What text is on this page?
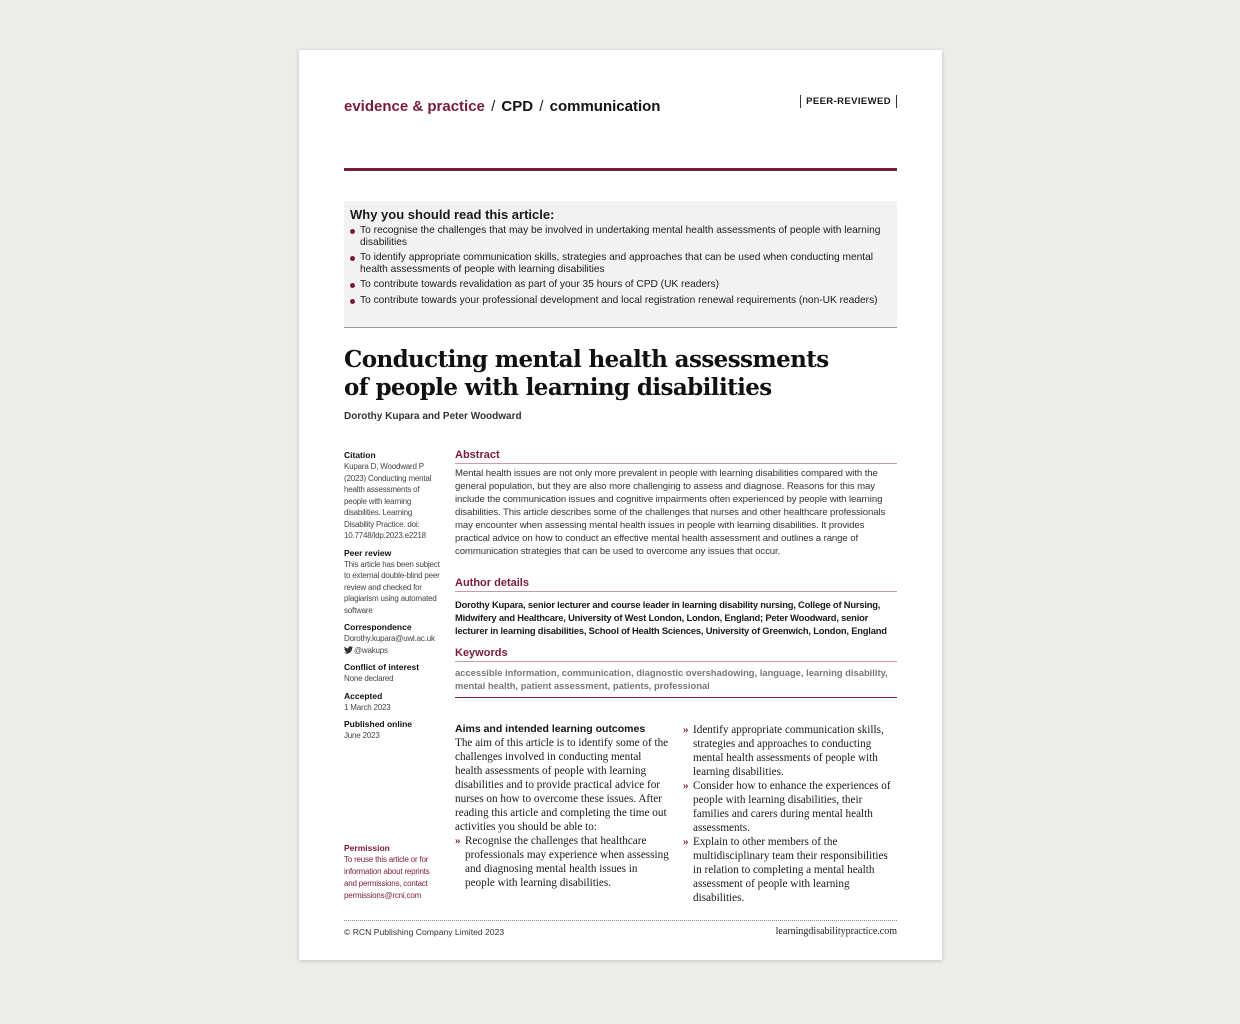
evidence & practice / CPD / communication	PEER-REVIEWED
Why you should read this article:
To recognise the challenges that may be involved in undertaking mental health assessments of people with learning disabilities
To identify appropriate communication skills, strategies and approaches that can be used when conducting mental health assessments of people with learning disabilities
To contribute towards revalidation as part of your 35 hours of CPD (UK readers)
To contribute towards your professional development and local registration renewal requirements (non-UK readers)
Conducting mental health assessments of people with learning disabilities
Dorothy Kupara and Peter Woodward
Citation
Kupara D, Woodward P (2023) Conducting mental health assessments of people with learning disabilities. Learning Disability Practice. doi: 10.7748/ldp.2023.e2218
Peer review
This article has been subject to external double-blind peer review and checked for plagiarism using automated software
Correspondence
Dorothy.kupara@uwl.ac.uk
@wakups
Conflict of interest
None declared
Accepted
1 March 2023
Published online
June 2023
Permission
To reuse this article or for information about reprints and permissions, contact permissions@rcni.com
Abstract
Mental health issues are not only more prevalent in people with learning disabilities compared with the general population, but they are also more challenging to assess and diagnose. Reasons for this may include the communication issues and cognitive impairments often experienced by people with learning disabilities. This article describes some of the challenges that nurses and other healthcare professionals may encounter when assessing mental health issues in people with learning disabilities. It provides practical advice on how to conduct an effective mental health assessment and outlines a range of communication strategies that can be used to overcome any issues that occur.
Author details
Dorothy Kupara, senior lecturer and course leader in learning disability nursing, College of Nursing, Midwifery and Healthcare, University of West London, London, England; Peter Woodward, senior lecturer in learning disabilities, School of Health Sciences, University of Greenwich, London, England
Keywords
accessible information, communication, diagnostic overshadowing, language, learning disability, mental health, patient assessment, patients, professional
Aims and intended learning outcomes
The aim of this article is to identify some of the challenges involved in conducting mental health assessments of people with learning disabilities and to provide practical advice for nurses on how to overcome these issues. After reading this article and completing the time out activities you should be able to:
» Recognise the challenges that healthcare professionals may experience when assessing and diagnosing mental health issues in people with learning disabilities.
» Identify appropriate communication skills, strategies and approaches to conducting mental health assessments of people with learning disabilities.
» Consider how to enhance the experiences of people with learning disabilities, their families and carers during mental health assessments.
» Explain to other members of the multidisciplinary team their responsibilities in relation to completing a mental health assessment of people with learning disabilities.
© RCN Publishing Company Limited 2023	learningdisabilitypractice.com
